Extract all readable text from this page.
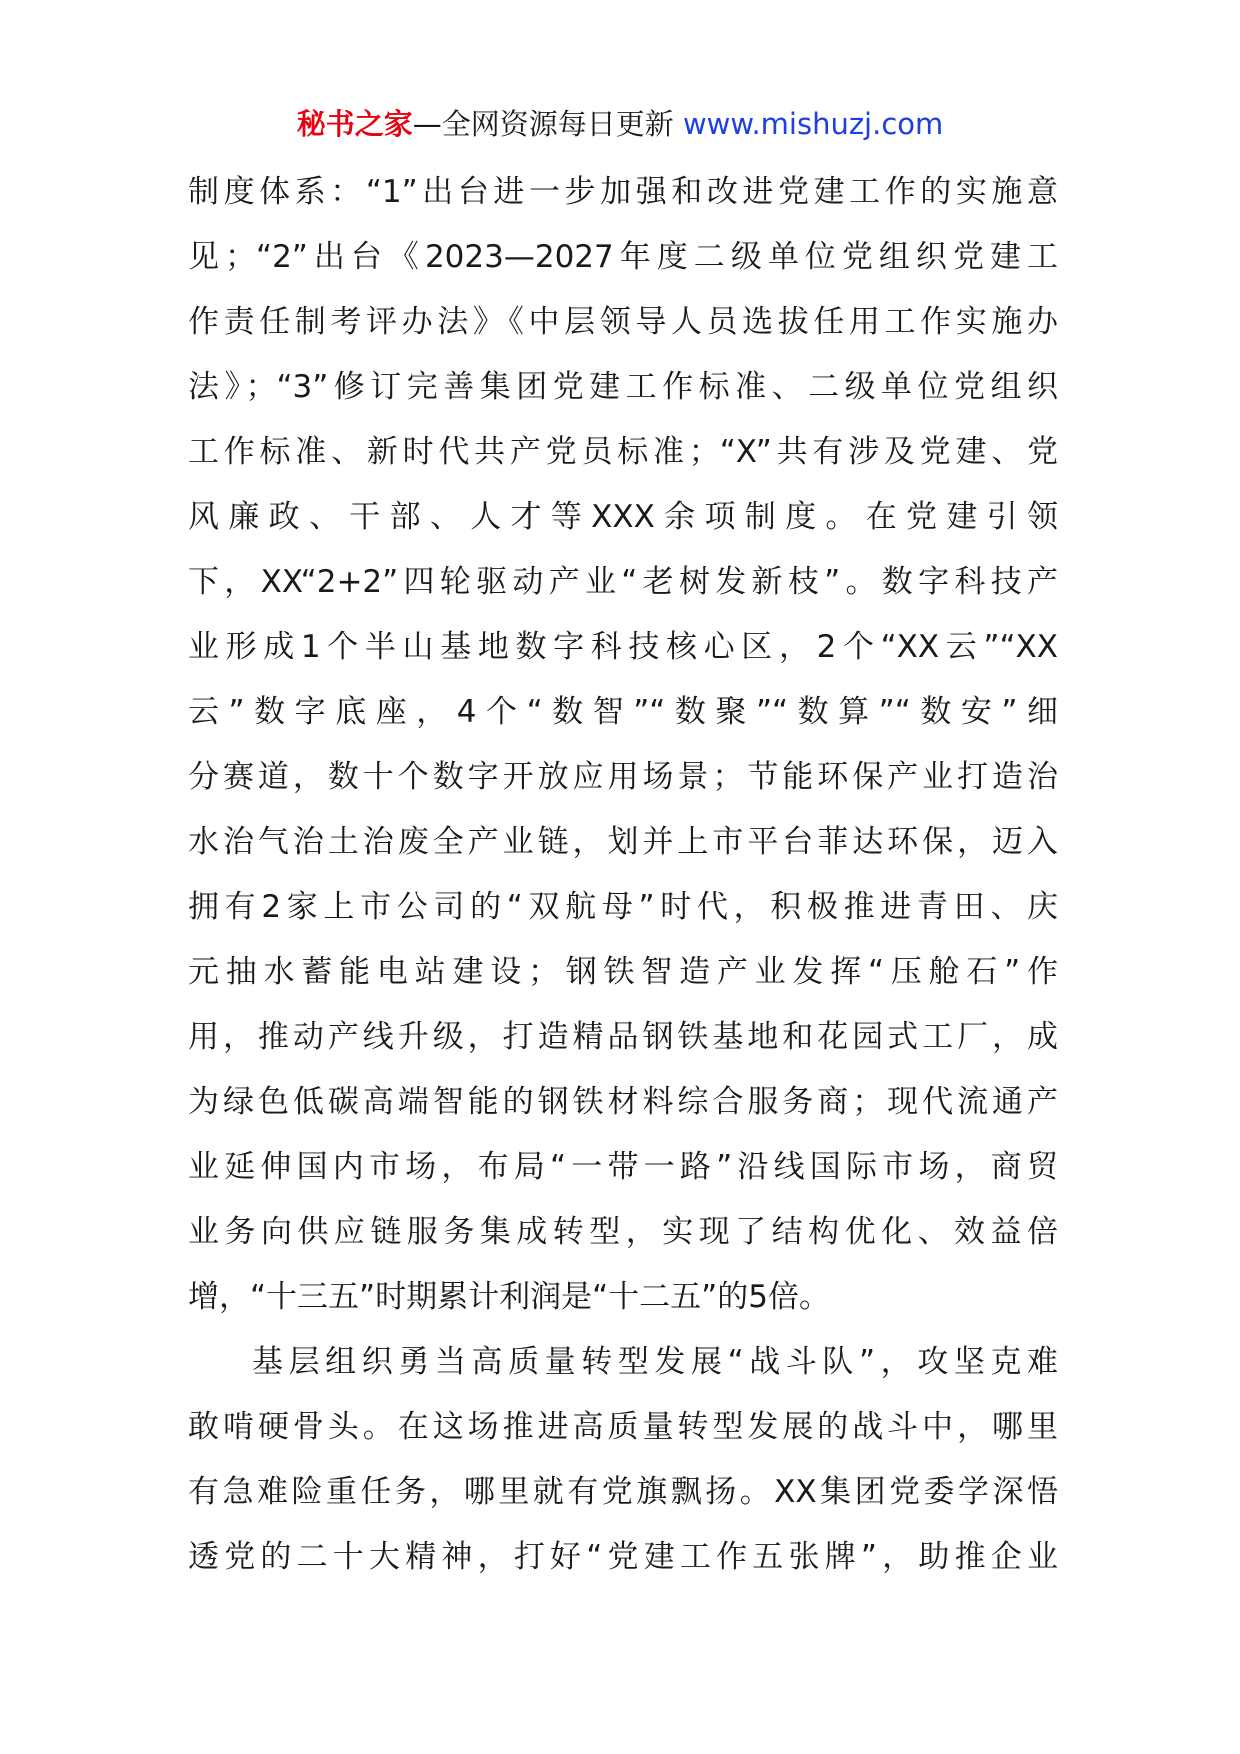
秘书之家—全网资源每日更新 www.mishuzj.com
制度体系：“1”出台进一步加强和改进党建工作的实施意
见；“2”出台《2023—2027年度二级单位党组织党建工
作责任制考评办法》《中层领导人员选拔任用工作实施办
法》；“3”修订完善集团党建工作标准、二级单位党组织
工作标准、新时代共产党员标准；“X”共有涉及党建、党
风廉政、干部、人才等XXX余项制度。在党建引领
下，XX“2+2”四轮驱动产业“老树发新枝”。数字科技产
业形成1个半山基地数字科技核心区，2个“XX云”“XX
云”数字底座，4个“数智”“数聚”“数算”“数安”细
分赛道，数十个数字开放应用场景；节能环保产业打造治
水治气治土治废全产业链，划并上市平台菲达环保，迈入
拥有2家上市公司的“双航母”时代，积极推进青田、庆
元抽水蓄能电站建设；钢铁智造产业发挥“压舱石”作
用，推动产线升级，打造精品钢铁基地和花园式工厂，成
为绿色低碳高端智能的钢铁材料综合服务商；现代流通产
业延伸国内市场，布局“一带一路”沿线国际市场，商贸
业务向供应链服务集成转型，实现了结构优化、效益倍
增，“十三五”时期累计利润是“十二五”的5倍。
基层组织勇当高质量转型发展“战斗队”，攻坚克难
敢啃硬骨头。在这场推进高质量转型发展的战斗中，哪里
有急难险重任务，哪里就有党旗飘扬。XX集团党委学深悟
透党的二十大精神，打好“党建工作五张牌”，助推企业
